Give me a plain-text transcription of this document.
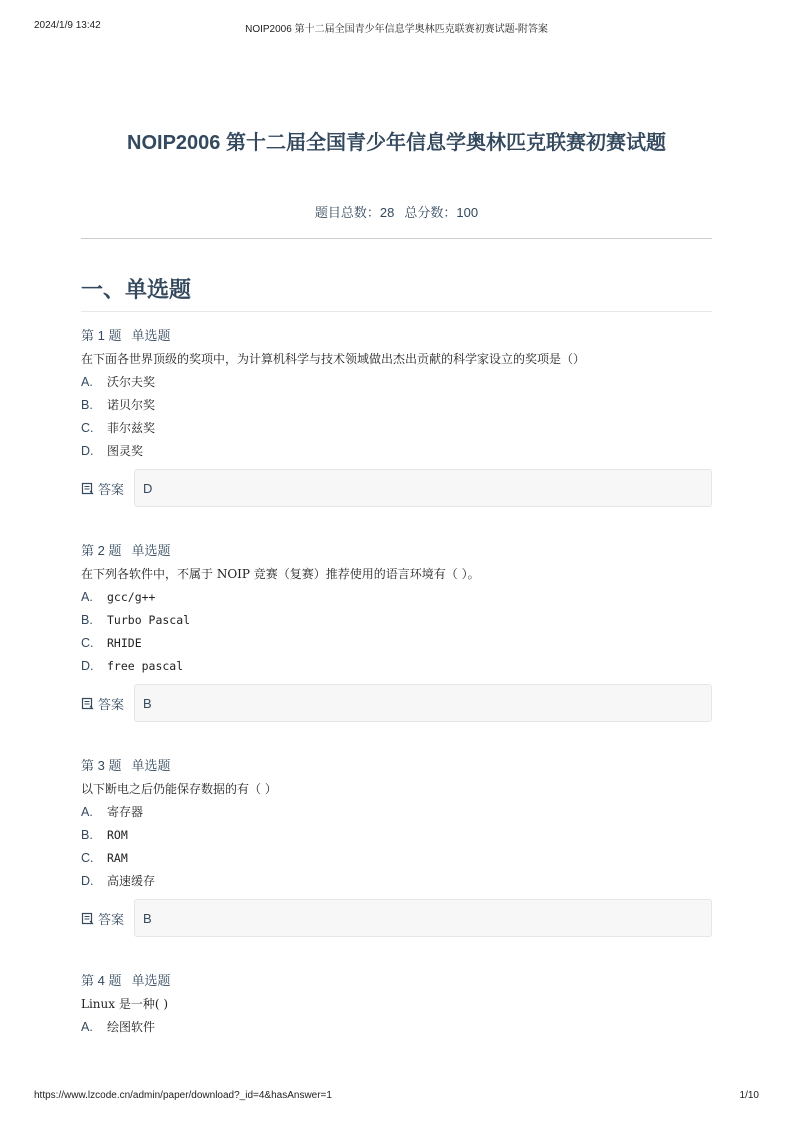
2024/1/9 13:42	NOIP2006 第十二届全国青少年信息学奥林匹克联赛初赛试题-附答案
NOIP2006 第十二届全国青少年信息学奥林匹克联赛初赛试题
题目总数：28 总分数：100
一、单选题
第 1 题 单选题
在下面各世界顶级的奖项中，为计算机科学与技术领域做出杰出贡献的科学家设立的奖项是（）
A.	沃尔夫奖
B.	诺贝尔奖
C.	菲尔兹奖
D.	图灵奖
答案	D
第 2 题 单选题
在下列各软件中，不属于 NOIP 竞赛（复赛）推荐使用的语言环境有（ ）。
A.	gcc/g++
B.	Turbo Pascal
C.	RHIDE
D.	free pascal
答案	B
第 3 题 单选题
以下断电之后仍能保存数据的有（ ）
A.	寄存器
B.	ROM
C.	RAM
D.	高速缓存
答案	B
第 4 题 单选题
Linux 是一种( )
A.	绘图软件
https://www.lzcode.cn/admin/paper/download?_id=4&hasAnswer=1	1/10
